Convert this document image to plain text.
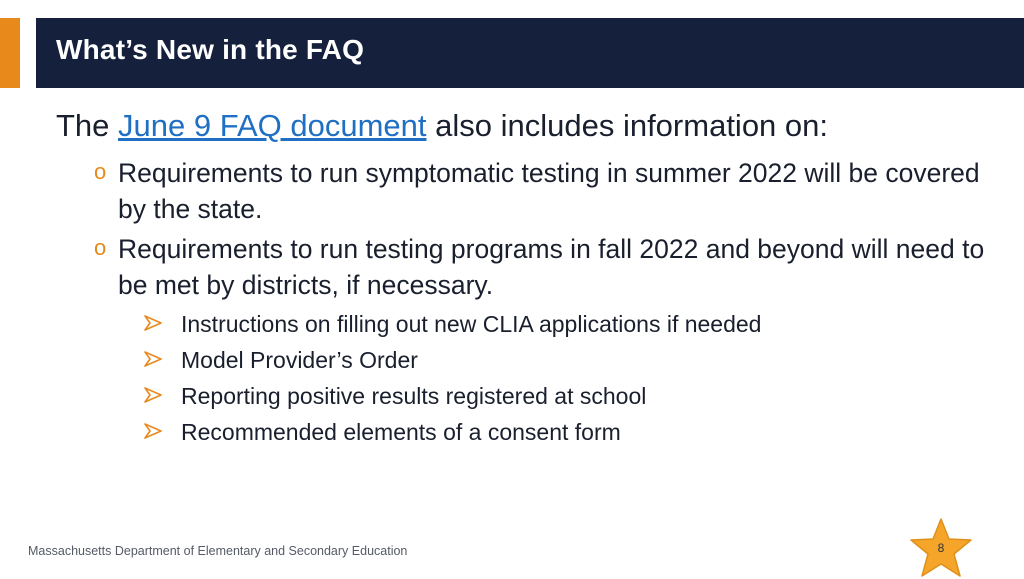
What’s New in the FAQ
The June 9 FAQ document also includes information on:
o Requirements to run symptomatic testing in summer 2022 will be covered by the state.
o Requirements to run testing programs in fall 2022 and beyond will need to be met by districts, if necessary.
Instructions on filling out new CLIA applications if needed
Model Provider’s Order
Reporting positive results registered at school
Recommended elements of a consent form
Massachusetts Department of Elementary and Secondary Education	8
